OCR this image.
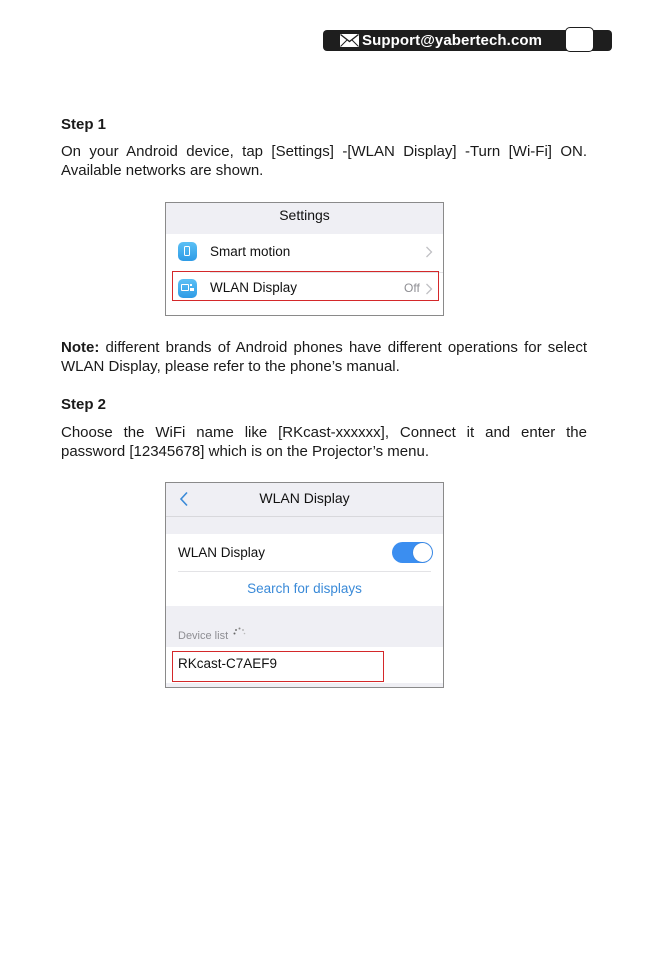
Support@yabertech.com
Step 1
On your Android device, tap [Settings] -[WLAN Display] -Turn [Wi-Fi] ON. Available networks are shown.
Settings
Smart motion
WLAN Display	Off
Note: different brands of Android phones have different operations for select WLAN Display, please refer to the phone’s manual.
Step 2
Choose the WiFi name like [RKcast-xxxxxx], Connect it and enter the password [12345678] which is on the Projector’s menu.
WLAN Display
WLAN Display
Search for displays
Device list
RKcast-C7AEF9
